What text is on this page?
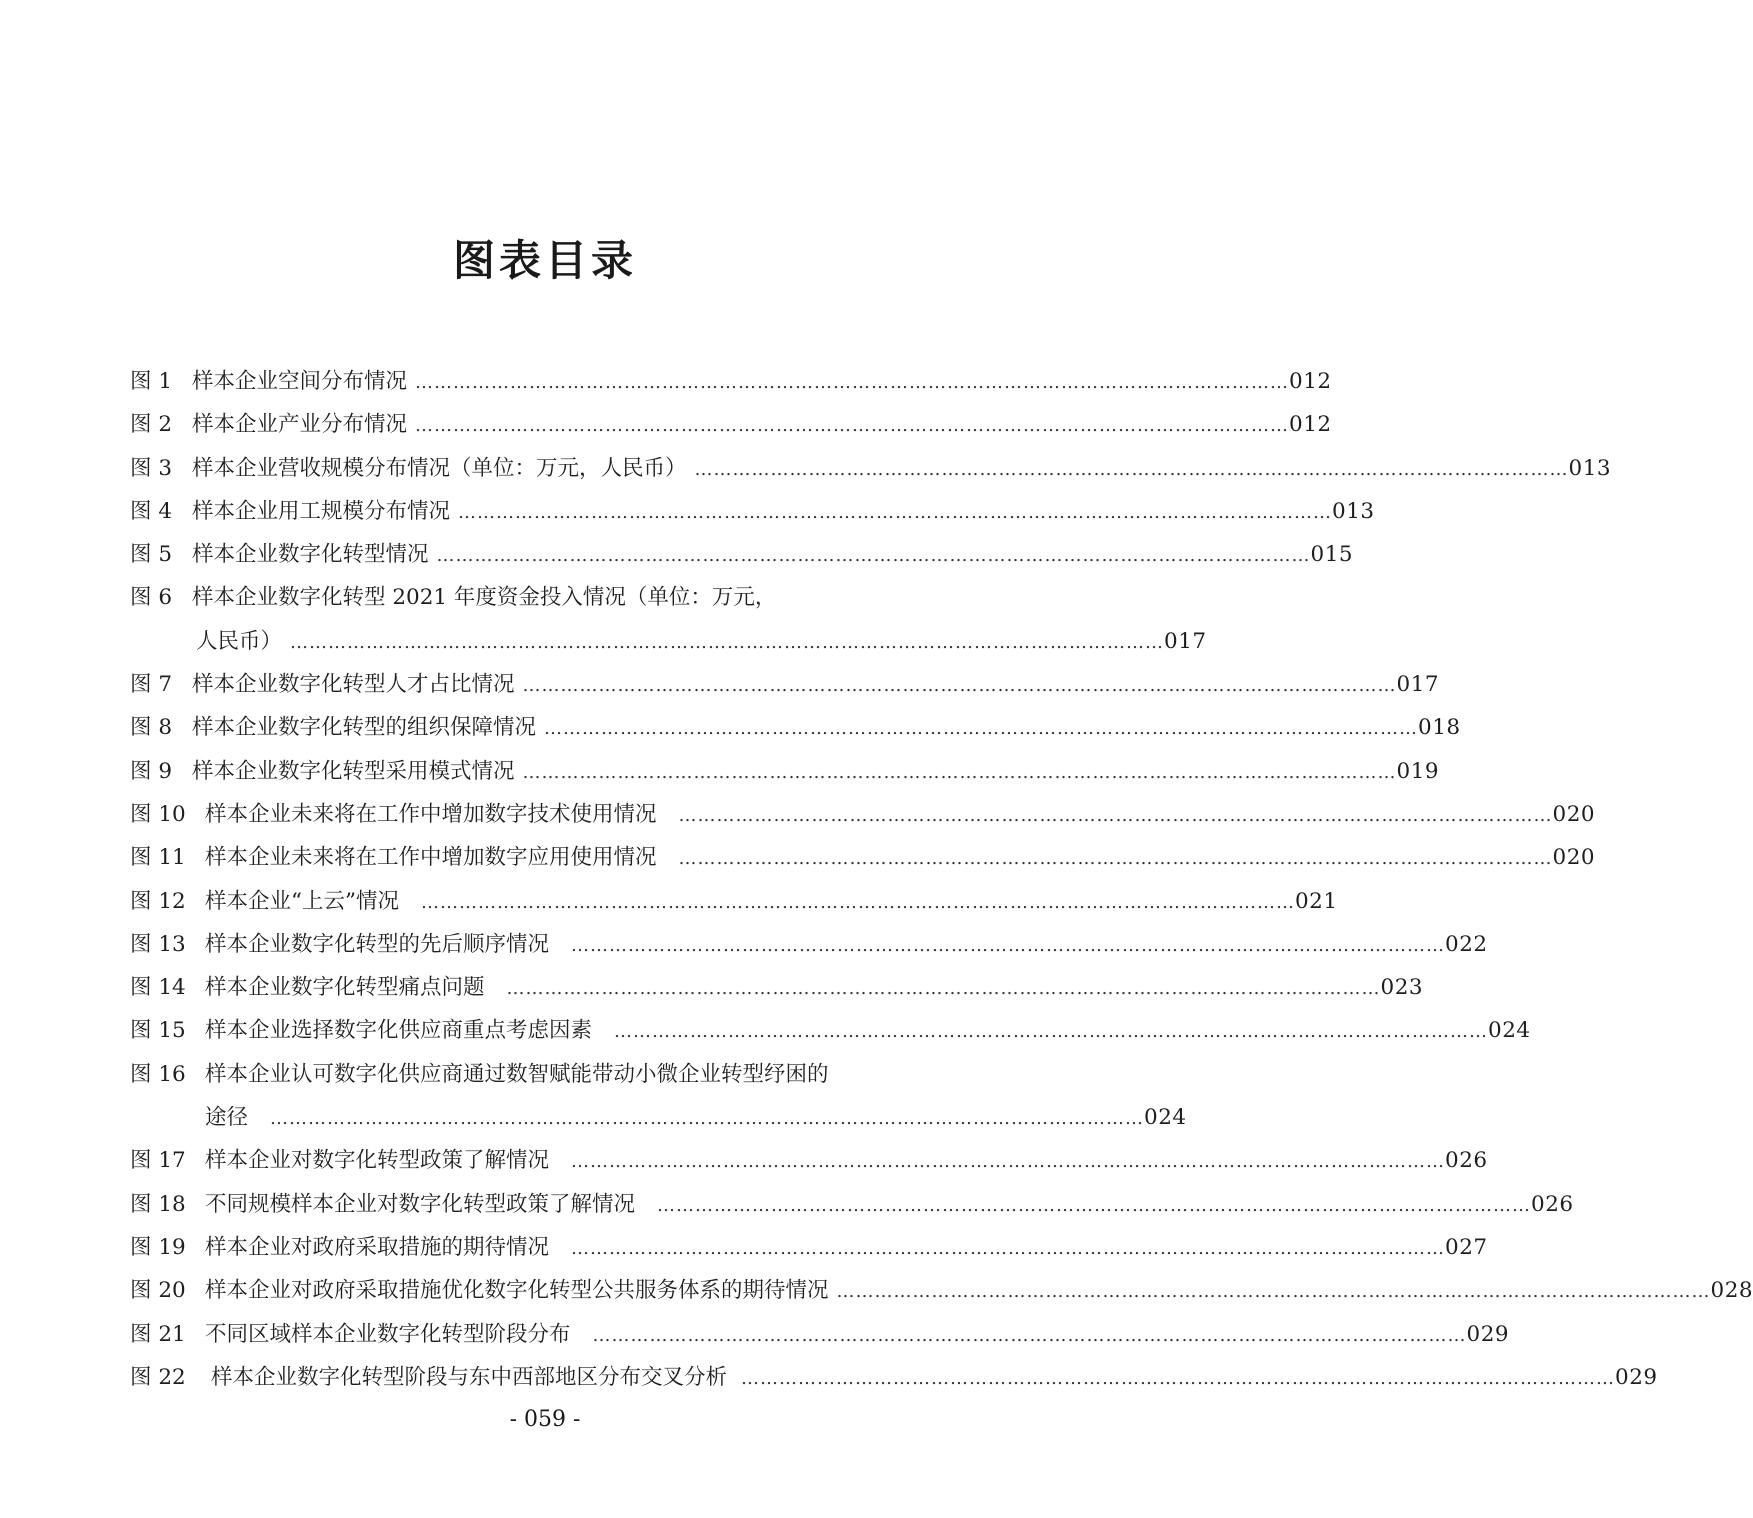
图表目录
图 1 样本企业空间分布情况 ………………………………………………………………………………………………………………………… 012
图 2 样本企业产业分布情况 ………………………………………………………………………………………………………………………… 012
图 3 样本企业营收规模分布情况（单位：万元，人民币） ………………………………………………………………………………………………………………………… 013
图 4 样本企业用工规模分布情况 ………………………………………………………………………………………………………………………… 013
图 5 样本企业数字化转型情况 ………………………………………………………………………………………………………………………… 015
图 6 样本企业数字化转型 2021 年度资金投入情况（单位：万元，
人民币） ………………………………………………………………………………………………………………………… 017
图 7 样本企业数字化转型人才占比情况 ………………………………………………………………………………………………………………………… 017
图 8 样本企业数字化转型的组织保障情况 ………………………………………………………………………………………………………………………… 018
图 9 样本企业数字化转型采用模式情况 ………………………………………………………………………………………………………………………… 019
图 10 样本企业未来将在工作中增加数字技术使用情况 ………………………………………………………………………………………………………………………… 020
图 11 样本企业未来将在工作中增加数字应用使用情况 ………………………………………………………………………………………………………………………… 020
图 12 样本企业“上云”情况 ………………………………………………………………………………………………………………………… 021
图 13 样本企业数字化转型的先后顺序情况 ………………………………………………………………………………………………………………………… 022
图 14 样本企业数字化转型痛点问题 ………………………………………………………………………………………………………………………… 023
图 15 样本企业选择数字化供应商重点考虑因素 ………………………………………………………………………………………………………………………… 024
图 16 样本企业认可数字化供应商通过数智赋能带动小微企业转型纾困的
途径 ………………………………………………………………………………………………………………………… 024
图 17 样本企业对数字化转型政策了解情况 ………………………………………………………………………………………………………………………… 026
图 18 不同规模样本企业对数字化转型政策了解情况 ………………………………………………………………………………………………………………………… 026
图 19 样本企业对政府采取措施的期待情况 ………………………………………………………………………………………………………………………… 027
图 20 样本企业对政府采取措施优化数字化转型公共服务体系的期待情况 ………………………………………………………………………………………………………………………… 028
图 21 不同区域样本企业数字化转型阶段分布 ………………………………………………………………………………………………………………………… 029
图 22 样本企业数字化转型阶段与东中西部地区分布交叉分析 ………………………………………………………………………………………………………………………… 029
- 059 -
